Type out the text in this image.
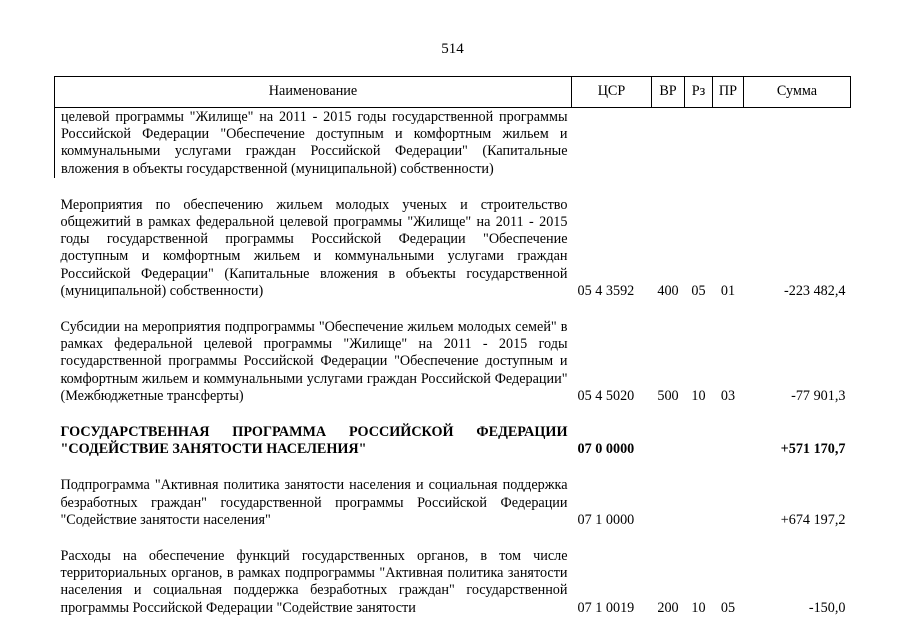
514
Наименование	ЦСР	ВР	Рз	ПР	Сумма
целевой программы "Жилище" на 2011 - 2015 годы государственной программы Российской Федерации "Обеспечение доступным и комфортным жильем и коммунальными услугами граждан Российской Федерации" (Капитальные вложения в объекты государственной (муниципальной) собственности)					
Мероприятия по обеспечению жильем молодых ученых и строительство общежитий в рамках федеральной целевой программы "Жилище" на 2011 - 2015 годы государственной программы Российской Федерации "Обеспечение доступным и комфортным жильем и коммунальными услугами граждан Российской Федерации" (Капитальные вложения в объекты государственной (муниципальной) собственности)	05 4 3592	400	05	01	-223 482,4
Субсидии на мероприятия подпрограммы "Обеспечение жильем молодых семей" в рамках федеральной целевой программы "Жилище" на 2011 - 2015 годы государственной программы Российской Федерации "Обеспечение доступным и комфортным жильем и коммунальными услугами граждан Российской Федерации" (Межбюджетные трансферты)	05 4 5020	500	10	03	-77 901,3
ГОСУДАРСТВЕННАЯ ПРОГРАММА РОССИЙСКОЙ ФЕДЕРАЦИИ "СОДЕЙСТВИЕ ЗАНЯТОСТИ НАСЕЛЕНИЯ"	07 0 0000				+571 170,7
Подпрограмма "Активная политика занятости населения и социальная поддержка безработных граждан" государственной программы Российской Федерации "Содействие занятости населения"	07 1 0000				+674 197,2
Расходы на обеспечение функций государственных органов, в том числе территориальных органов, в рамках подпрограммы "Активная политика занятости населения и социальная поддержка безработных граждан" государственной программы Российской Федерации "Содействие занятости	07 1 0019	200	10	05	-150,0
